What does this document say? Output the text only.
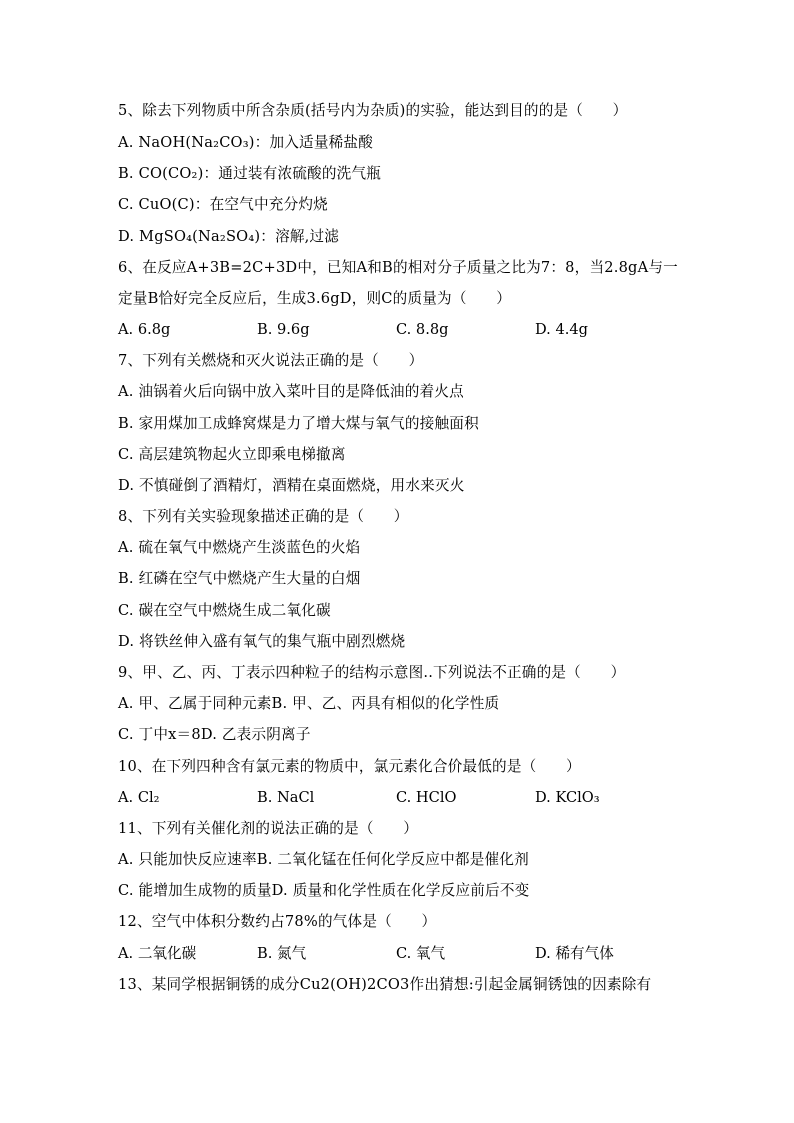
5、除去下列物质中所含杂质(括号内为杂质)的实验，能达到目的的是（　　）
A. NaOH(Na₂CO₃)：加入适量稀盐酸
B. CO(CO₂)：通过装有浓硫酸的洗气瓶
C. CuO(C)：在空气中充分灼烧
D. MgSO₄(Na₂SO₄)：溶解,过滤
6、在反应A+3B=2C+3D中，已知A和B的相对分子质量之比为7：8，当2.8gA与一
定量B恰好完全反应后，生成3.6gD，则C的质量为（　　）

A. 6.8g

	B. 9.6g

	C. 8.8g

	D. 4.4g

7、下列有关燃烧和灭火说法正确的是（　　）
A. 油锅着火后向锅中放入菜叶目的是降低油的着火点
B. 家用煤加工成蜂窝煤是力了增大煤与氧气的接触面积
C. 高层建筑物起火立即乘电梯撤离
D. 不慎碰倒了酒精灯，酒精在桌面燃烧，用水来灭火
8、下列有关实验现象描述正确的是（　　）
A. 硫在氧气中燃烧产生淡蓝色的火焰
B. 红磷在空气中燃烧产生大量的白烟
C. 碳在空气中燃烧生成二氧化碳
D. 将铁丝伸入盛有氧气的集气瓶中剧烈燃烧
9、甲、乙、丙、丁表示四种粒子的结构示意图..下列说法不正确的是（　　）
A. 甲、乙属于同种元素B. 甲、乙、丙具有相似的化学性质
C. 丁中x＝8D. 乙表示阴离子
10、在下列四种含有氯元素的物质中，氯元素化合价最低的是（　　）

A. Cl₂

	B. NaCl

	C. HClO

	D. KClO₃

11、下列有关催化剂的说法正确的是（　　）
A. 只能加快反应速率B. 二氧化锰在任何化学反应中都是催化剂
C. 能增加生成物的质量D. 质量和化学性质在化学反应前后不变
12、空气中体积分数约占78%的气体是（　　）

A. 二氧化碳

	B. 氮气

	C. 氧气

	D. 稀有气体

13、某同学根据铜锈的成分Cu2(OH)2CO3作出猜想:引起金属铜锈蚀的因素除有
